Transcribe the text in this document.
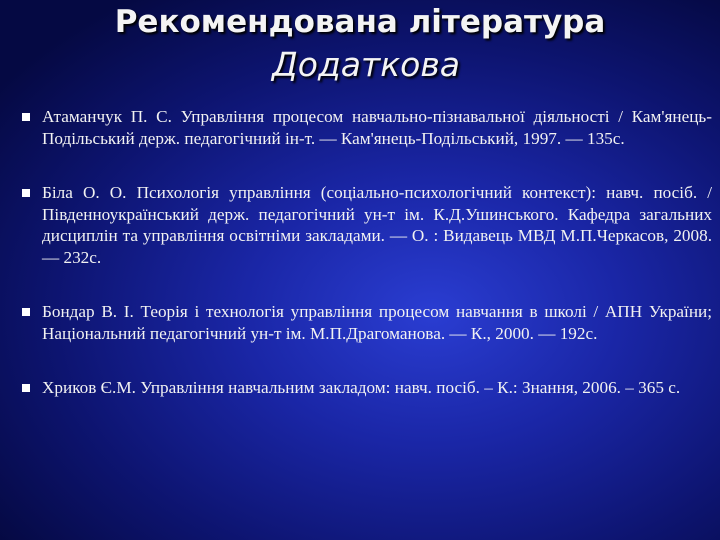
Рекомендована література
Додаткова
Атаманчук П. С. Управління процесом навчально-пізнавальної діяльності / Кам'янець- Подільський держ. педагогічний ін-т. — Кам'янець-Подільський, 1997. — 135с.
Біла О. О. Психологія управління (соціально-психологічний контекст): навч. посіб. / Південноукраїнський держ. педагогічний ун-т ім. К.Д.Ушинського. Кафедра загальних дисциплін та управління освітніми закладами. — О. : Видавець МВД М.П.Черкасов, 2008. — 232с.
Бондар В. І. Теорія і технологія управління процесом навчання в школі / АПН України; Національний педагогічний ун-т ім. М.П.Драгоманова. — К., 2000. — 192с.
Хриков Є.М. Управління навчальним закладом: навч. посіб. – К.: Знання, 2006. – 365 с.
